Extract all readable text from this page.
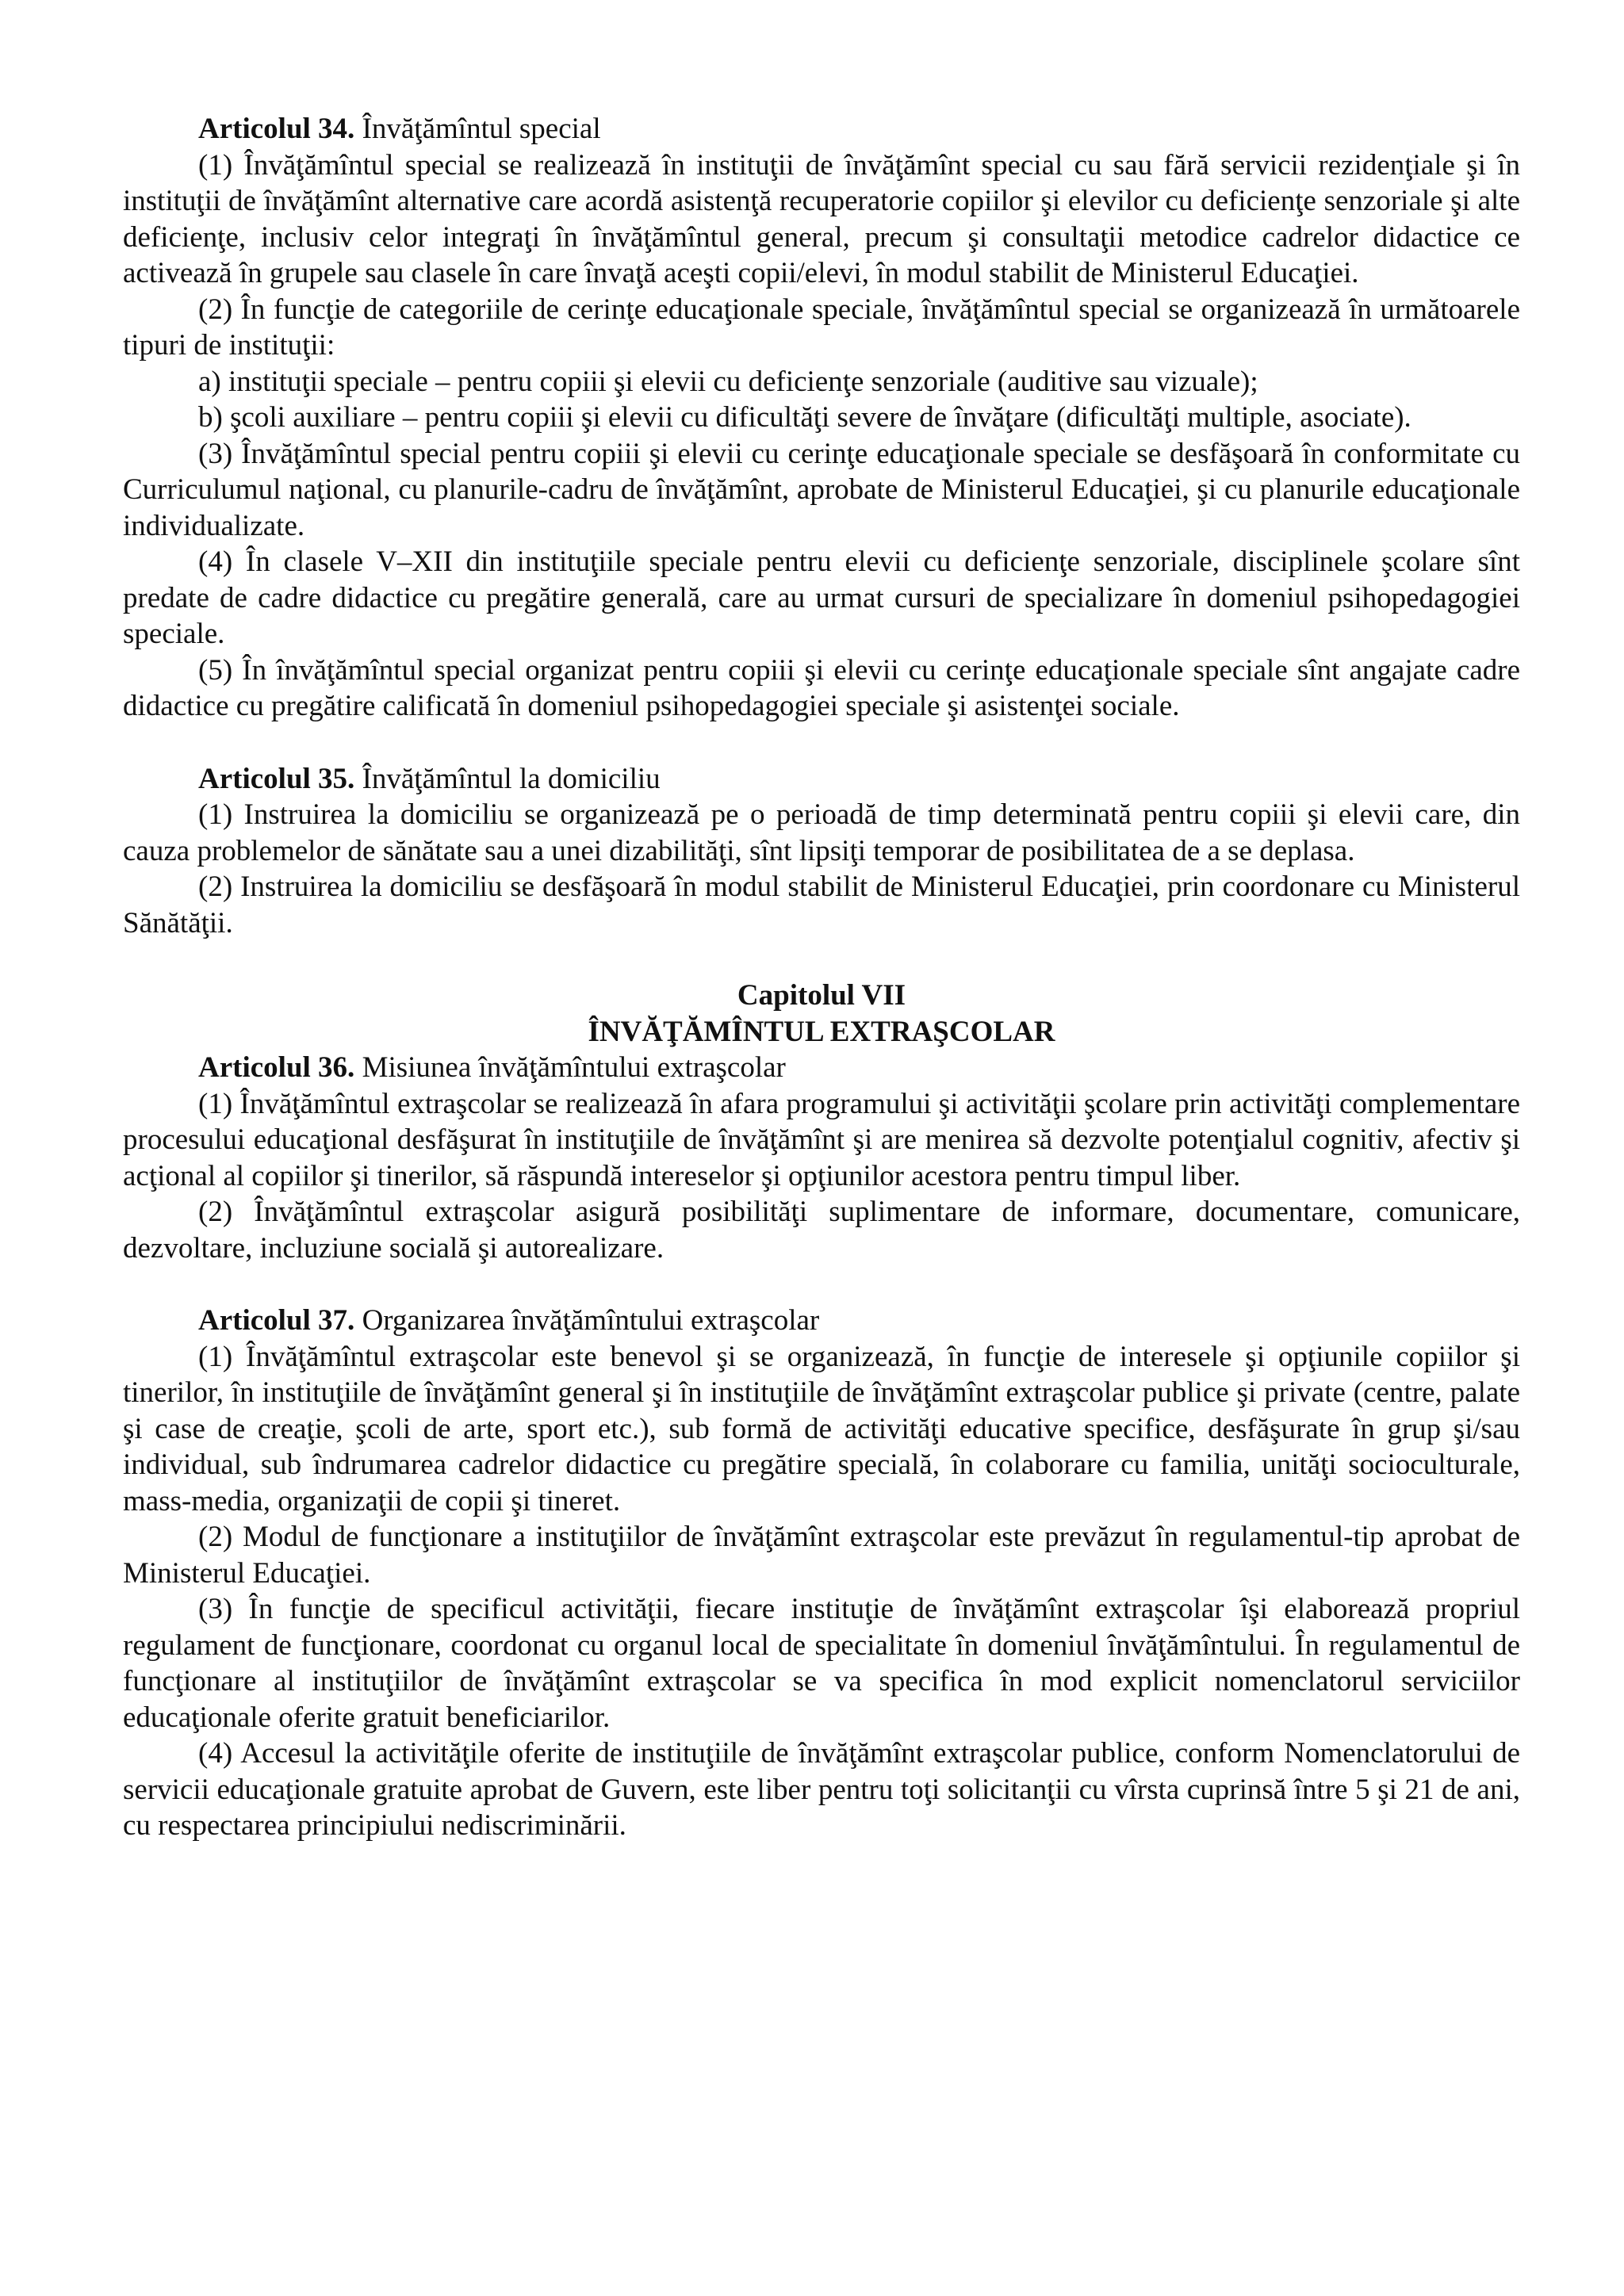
Articolul 34. Învăţămîntul special

(1) Învăţămîntul special se realizează în instituţii de învăţămînt special cu sau fără servicii rezidenţiale şi în instituţii de învăţămînt alternative care acordă asistenţă recuperatorie copiilor şi elevilor cu deficienţe senzoriale şi alte deficienţe, inclusiv celor integraţi în învăţămîntul general, precum şi consultaţii metodice cadrelor didactice ce activează în grupele sau clasele în care învaţă aceşti copii/elevi, în modul stabilit de Ministerul Educaţiei.

(2) În funcţie de categoriile de cerinţe educaţionale speciale, învăţămîntul special se organizează în următoarele tipuri de instituţii:

a) instituţii speciale – pentru copiii şi elevii cu deficienţe senzoriale (auditive sau vizuale);

b) şcoli auxiliare – pentru copiii şi elevii cu dificultăţi severe de învăţare (dificultăţi multiple, asociate).

(3) Învăţămîntul special pentru copiii şi elevii cu cerinţe educaţionale speciale se desfăşoară în conformitate cu Curriculumul naţional, cu planurile-cadru de învăţămînt, aprobate de Ministerul Educaţiei, şi cu planurile educaţionale individualizate.

(4) În clasele V–XII din instituţiile speciale pentru elevii cu deficienţe senzoriale, disciplinele şcolare sînt predate de cadre didactice cu pregătire generală, care au urmat cursuri de specializare în domeniul psihopedagogiei speciale.

(5) În învăţămîntul special organizat pentru copiii şi elevii cu cerinţe educaţionale speciale sînt angajate cadre didactice cu pregătire calificată în domeniul psihopedagogiei speciale şi asistenţei sociale.

Articolul 35. Învăţămîntul la domiciliu

(1) Instruirea la domiciliu se organizează pe o perioadă de timp determinată pentru copiii şi elevii care, din cauza problemelor de sănătate sau a unei dizabilităţi, sînt lipsiţi temporar de posibilitatea de a se deplasa.

(2) Instruirea la domiciliu se desfăşoară în modul stabilit de Ministerul Educaţiei, prin coordonare cu Ministerul Sănătăţii.

Capitolul VII

ÎNVĂŢĂMÎNTUL EXTRAŞCOLAR

Articolul 36. Misiunea învăţămîntului extraşcolar

(1) Învăţămîntul extraşcolar se realizează în afara programului şi activităţii şcolare prin activităţi complementare procesului educaţional desfăşurat în instituţiile de învăţămînt şi are menirea să dezvolte potenţialul cognitiv, afectiv şi acţional al copiilor şi tinerilor, să răspundă intereselor şi opţiunilor acestora pentru timpul liber.

(2) Învăţămîntul extraşcolar asigură posibilităţi suplimentare de informare, documentare, comunicare, dezvoltare, incluziune socială şi autorealizare.

Articolul 37. Organizarea învăţămîntului extraşcolar

(1) Învăţămîntul extraşcolar este benevol şi se organizează, în funcţie de interesele şi opţiunile copiilor şi tinerilor, în instituţiile de învăţămînt general şi în instituţiile de învăţămînt extraşcolar publice şi private (centre, palate şi case de creaţie, şcoli de arte, sport etc.), sub formă de activităţi educative specifice, desfăşurate în grup şi/sau individual, sub îndrumarea cadrelor didactice cu pregătire specială, în colaborare cu familia, unităţi socioculturale, mass-media, organizaţii de copii şi tineret.

(2) Modul de funcţionare a instituţiilor de învăţămînt extraşcolar este prevăzut în regulamentul-tip aprobat de Ministerul Educaţiei.

(3) În funcţie de specificul activităţii, fiecare instituţie de învăţămînt extraşcolar îşi elaborează propriul regulament de funcţionare, coordonat cu organul local de specialitate în domeniul învăţămîntului. În regulamentul de funcţionare al instituţiilor de învăţămînt extraşcolar se va specifica în mod explicit nomenclatorul serviciilor educaţionale oferite gratuit beneficiarilor.

(4) Accesul la activităţile oferite de instituţiile de învăţămînt extraşcolar publice, conform Nomenclatorului de servicii educaţionale gratuite aprobat de Guvern, este liber pentru toţi solicitanţii cu vîrsta cuprinsă între 5 şi 21 de ani, cu respectarea principiului nediscriminării.
